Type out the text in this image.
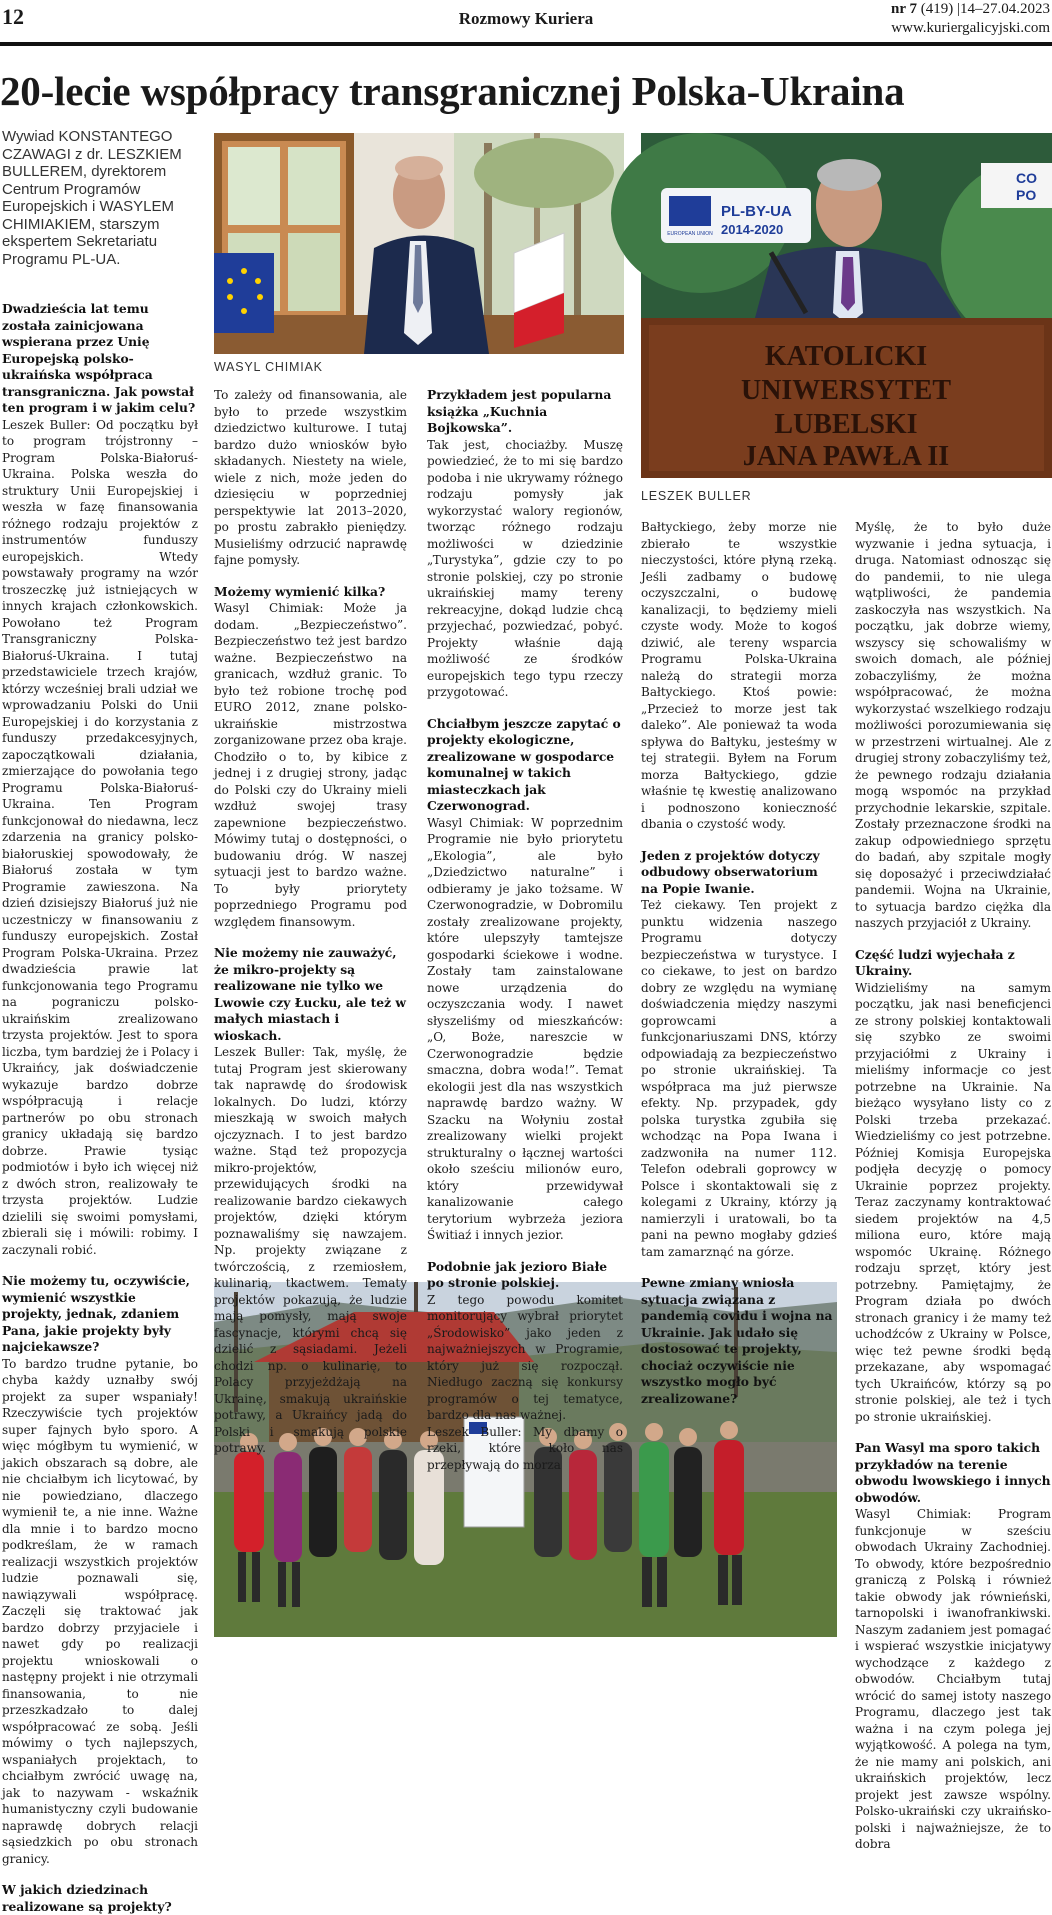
12	Rozmowy Kuriera	nr 7 (419) |14–27.04.2023
www.kuriergalicyjski.com
20-lecie współpracy transgranicznej Polska-Ukraina
Wywiad KONSTANTEGO CZAWAGI z dr. LESZKIEM BULLEREM, dyrektorem Centrum Programów Europejskich i WASYLEM CHIMIAKIEM, starszym ekspertem Sekretariatu Programu PL-UA.
WASYL CHIMIAK
EUROPEAN UNION
PL-BY-UA
2014-2020
CO
PO
KATOLICKI
UNIWERSYTET
LUBELSKI
JANA PAWŁA II
LESZEK BULLER
Dwadzieścia lat temu została zainicjowana wspierana przez Unię Europejską polsko-ukraińska współpraca transgraniczna. Jak powstał ten program i w jakim celu?

Leszek Buller: Od początku był to program trójstronny – Program Polska-Białoruś-Ukraina. Polska weszła do struktury Unii Europejskiej i weszła w fazę finansowania różnego rodzaju projektów z instrumentów funduszy europejskich. Wtedy powstawały programy na wzór troszeczkę już istniejących w innych krajach członkowskich. Powołano też Program Transgraniczny Polska-Białoruś-Ukraina. I tutaj przedstawiciele trzech krajów, którzy wcześniej brali udział we wprowadzaniu Polski do Unii Europejskiej i do korzystania z funduszy przedakcesyjnych, zapoczątkowali działania, zmierzające do powołania tego Programu Polska-Białoruś-Ukraina. Ten Program funkcjonował do niedawna, lecz zdarzenia na granicy polsko-białoruskiej spowodowały, że Białoruś została w tym Programie zawieszona. Na dzień dzisiejszy Białoruś już nie uczestniczy w finansowaniu z funduszy europejskich. Został Program Polska-Ukraina. Przez dwadzieścia prawie lat funkcjonowania tego Programu na pograniczu polsko-ukraińskim zrealizowano trzysta projektów. Jest to spora liczba, tym bardziej że i Polacy i Ukraińcy, jak doświadczenie wykazuje bardzo dobrze współpracują i relacje partnerów po obu stronach granicy układają się bardzo dobrze. Prawie tysiąc podmiotów i było ich więcej niż z dwóch stron, realizowały te trzysta projektów. Ludzie dzielili się swoimi pomysłami, zbierali się i mówili: robimy. I zaczynali robić.

Nie możemy tu, oczywiście, wymienić wszystkie projekty, jednak, zdaniem Pana, jakie projekty były najciekawsze?

To bardzo trudne pytanie, bo chyba każdy uznałby swój projekt za super wspaniały! Rzeczywiście tych projektów super fajnych było sporo. A więc mógłbym tu wymienić, w jakich obszarach są dobre, ale nie chciałbym ich licytować, by nie powiedziano, dlaczego wymienił te, a nie inne. Ważne dla mnie i to bardzo mocno podkreślam, że w ramach realizacji wszystkich projektów ludzie poznawali się, nawiązywali współpracę. Zaczęli się traktować jak bardzo dobrzy przyjaciele i nawet gdy po realizacji projektu wnioskowali o następny projekt i nie otrzymali finansowania, to nie przeszkadzało to dalej współpracować ze sobą. Jeśli mówimy o tych najlepszych, wspaniałych projektach, to chciałbym zwrócić uwagę na, jak to nazywam - wskaźnik humanistyczny czyli budowanie naprawdę dobrych relacji sąsiedzkich po obu stronach granicy.

W jakich dziedzinach realizowane są projekty?

To zależy od finansowania, ale było to przede wszystkim dziedzictwo kulturowe. I tutaj bardzo dużo wniosków było składanych. Niestety na wiele, wiele z nich, może jeden do dziesięciu w poprzedniej perspektywie lat 2013–2020, po prostu zabrakło pieniędzy. Musieliśmy odrzucić naprawdę fajne pomysły.

Możemy wymienić kilka?

Wasyl Chimiak: Może ja dodam. „Bezpieczeństwo”. Bezpieczeństwo też jest bardzo ważne. Bezpieczeństwo na granicach, wzdłuż granic. To było też robione trochę pod EURO 2012, znane polsko-ukraińskie mistrzostwa zorganizowane przez oba kraje. Chodziło o to, by kibice z jednej i z drugiej strony, jadąc do Polski czy do Ukrainy mieli wzdłuż swojej trasy zapewnione bezpieczeństwo. Mówimy tutaj o dostępności, o budowaniu dróg. W naszej sytuacji jest to bardzo ważne. To były priorytety poprzedniego Programu pod względem finansowym.

Nie możemy nie zauważyć, że mikro-projekty są realizowane nie tylko we Lwowie czy Łucku, ale też w małych miastach i wioskach.

Leszek Buller: Tak, myślę, że tutaj Program jest skierowany tak naprawdę do środowisk lokalnych. Do ludzi, którzy mieszkają w swoich małych ojczyznach. I to jest bardzo ważne. Stąd też propozycja mikro-projektów, przewidujących środki na realizowanie bardzo ciekawych projektów, dzięki którym poznawaliśmy się nawzajem. Np. projekty związane z twórczością, z rzemiosłem, kulinarią, tkactwem. Tematy projektów pokazują, że ludzie mają pomysły, mają swoje fascynacje, którymi chcą się dzielić z sąsiadami. Jeżeli chodzi np. o kulinarię, to Polacy przyjeżdżają na Ukrainę, smakują ukraińskie potrawy, a Ukraińcy jadą do Polski i smakują polskie potrawy.

Przykładem jest popularna książka „Kuchnia Bojkowska”.

Tak jest, chociażby. Muszę powiedzieć, że to mi się bardzo podoba i nie ukrywamy różnego rodzaju pomysły jak wykorzystać walory regionów, tworząc różnego rodzaju możliwości w dziedzinie „Turystyka”, gdzie czy to po stronie polskiej, czy po stronie ukraińskiej mamy tereny rekreacyjne, dokąd ludzie chcą przyjechać, pozwiedzać, pobyć. Projekty właśnie dają możliwość ze środków europejskich tego typu rzeczy przygotować.

Chciałbym jeszcze zapytać o projekty ekologiczne, zrealizowane w gospodarce komunalnej w takich miasteczkach jak Czerwonograd.

Wasyl Chimiak: W poprzednim Programie nie było priorytetu „Ekologia”, ale było „Dziedzictwo naturalne” i odbieramy je jako tożsame. W Czerwonogradzie, w Dobromilu zostały zrealizowane projekty, które ulepszyły tamtejsze gospodarki ściekowe i wodne. Zostały tam zainstalowane nowe urządzenia do oczyszczania wody. I nawet słyszeliśmy od mieszkańców: „O, Boże, nareszcie w Czerwonogradzie będzie smaczna, dobra woda!”. Temat ekologii jest dla nas wszystkich naprawdę bardzo ważny. W Szacku na Wołyniu został zrealizowany wielki projekt strukturalny o łącznej wartości około sześciu milionów euro, który przewidywał kanalizowanie całego terytorium wybrzeża jeziora Świtiaź i innych jezior.

Podobnie jak jezioro Białe po stronie polskiej.

Z tego powodu komitet monitorujący wybrał priorytet „Środowisko” jako jeden z najważniejszych w Programie, który już się rozpoczął. Niedługo zaczną się konkursy programów o tej tematyce, bardzo dla nas ważnej.

Leszek Buller: My dbamy o rzeki, które koło nas przepływają do morza

Bałtyckiego, żeby morze nie zbierało te wszystkie nieczystości, które płyną rzeką. Jeśli zadbamy o budowę oczyszczalni, o budowę kanalizacji, to będziemy mieli czyste wody. Może to kogoś dziwić, ale tereny wsparcia Programu Polska-Ukraina należą do strategii morza Bałtyckiego. Ktoś powie: „Przecież to morze jest tak daleko”. Ale ponieważ ta woda spływa do Bałtyku, jesteśmy w tej strategii. Byłem na Forum morza Bałtyckiego, gdzie właśnie tę kwestię analizowano i podnoszono konieczność dbania o czystość wody.

Jeden z projektów dotyczy odbudowy obserwatorium na Popie Iwanie.

Też ciekawy. Ten projekt z punktu widzenia naszego Programu dotyczy bezpieczeństwa w turystyce. I co ciekawe, to jest on bardzo dobry ze względu na wymianę doświadczenia między naszymi goprowcami a funkcjonariuszami DNS, którzy odpowiadają za bezpieczeństwo po stronie ukraińskiej. Ta współpraca ma już pierwsze efekty. Np. przypadek, gdy polska turystka zgubiła się wchodząc na Popa Iwana i zadzwoniła na numer 112. Telefon odebrali goprowcy w Polsce i skontaktowali się z kolegami z Ukrainy, którzy ją namierzyli i uratowali, bo ta pani na pewno mogłaby gdzieś tam zamarznąć na górze.

Pewne zmiany wniosła sytuacja związana z pandemią covidu i wojna na Ukrainie. Jak udało się dostosować te projekty, chociaż oczywiście nie wszystko mogło być zrealizowane?

Myślę, że to było duże wyzwanie i jedna sytuacja, i druga. Natomiast odnosząc się do pandemii, to nie ulega wątpliwości, że pandemia zaskoczyła nas wszystkich. Na początku, jak dobrze wiemy, wszyscy się schowaliśmy w swoich domach, ale później zobaczyliśmy, że można współpracować, że można wykorzystać wszelkiego rodzaju możliwości porozumiewania się w przestrzeni wirtualnej. Ale z drugiej strony zobaczyliśmy też, że pewnego rodzaju działania mogą wspomóc na przykład przychodnie lekarskie, szpitale. Zostały przeznaczone środki na zakup odpowiedniego sprzętu do badań, aby szpitale mogły się doposażyć i przeciwdziałać pandemii. Wojna na Ukrainie, to sytuacja bardzo ciężka dla naszych przyjaciół z Ukrainy.

Część ludzi wyjechała z Ukrainy.

Widzieliśmy na samym początku, jak nasi beneficjenci ze strony polskiej kontaktowali się szybko ze swoimi przyjaciółmi z Ukrainy i mieliśmy informacje co jest potrzebne na Ukrainie. Na bieżąco wysyłano listy co z Polski trzeba przekazać. Wiedzieliśmy co jest potrzebne. Później Komisja Europejska podjęła decyzję o pomocy Ukrainie poprzez projekty. Teraz zaczynamy kontraktować siedem projektów na 4,5 miliona euro, które mają wspomóc Ukrainę. Różnego rodzaju sprzęt, który jest potrzebny. Pamiętajmy, że Program działa po dwóch stronach granicy i że mamy też uchodźców z Ukrainy w Polsce, więc też pewne środki będą przekazane, aby wspomagać tych Ukraińców, którzy są po stronie polskiej, ale też i tych po stronie ukraińskiej.

Pan Wasyl ma sporo takich przykładów na terenie obwodu lwowskiego i innych obwodów.

Wasyl Chimiak: Program funkcjonuje w sześciu obwodach Ukrainy Zachodniej. To obwody, które bezpośrednio graniczą z Polską i również takie obwody jak równieński, tarnopolski i iwanofrankiwski. Naszym zadaniem jest pomagać i wspierać wszystkie inicjatywy wychodzące z każdego z obwodów. Chciałbym tutaj wrócić do samej istoty naszego Programu, dlaczego jest tak ważna i na czym polega jej wyjątkowość. A polega na tym, że nie mamy ani polskich, ani ukraińskich projektów, lecz projekt jest zawsze wspólny. Polsko-ukraiński czy ukraińsko-polski i najważniejsze, że to dobra
